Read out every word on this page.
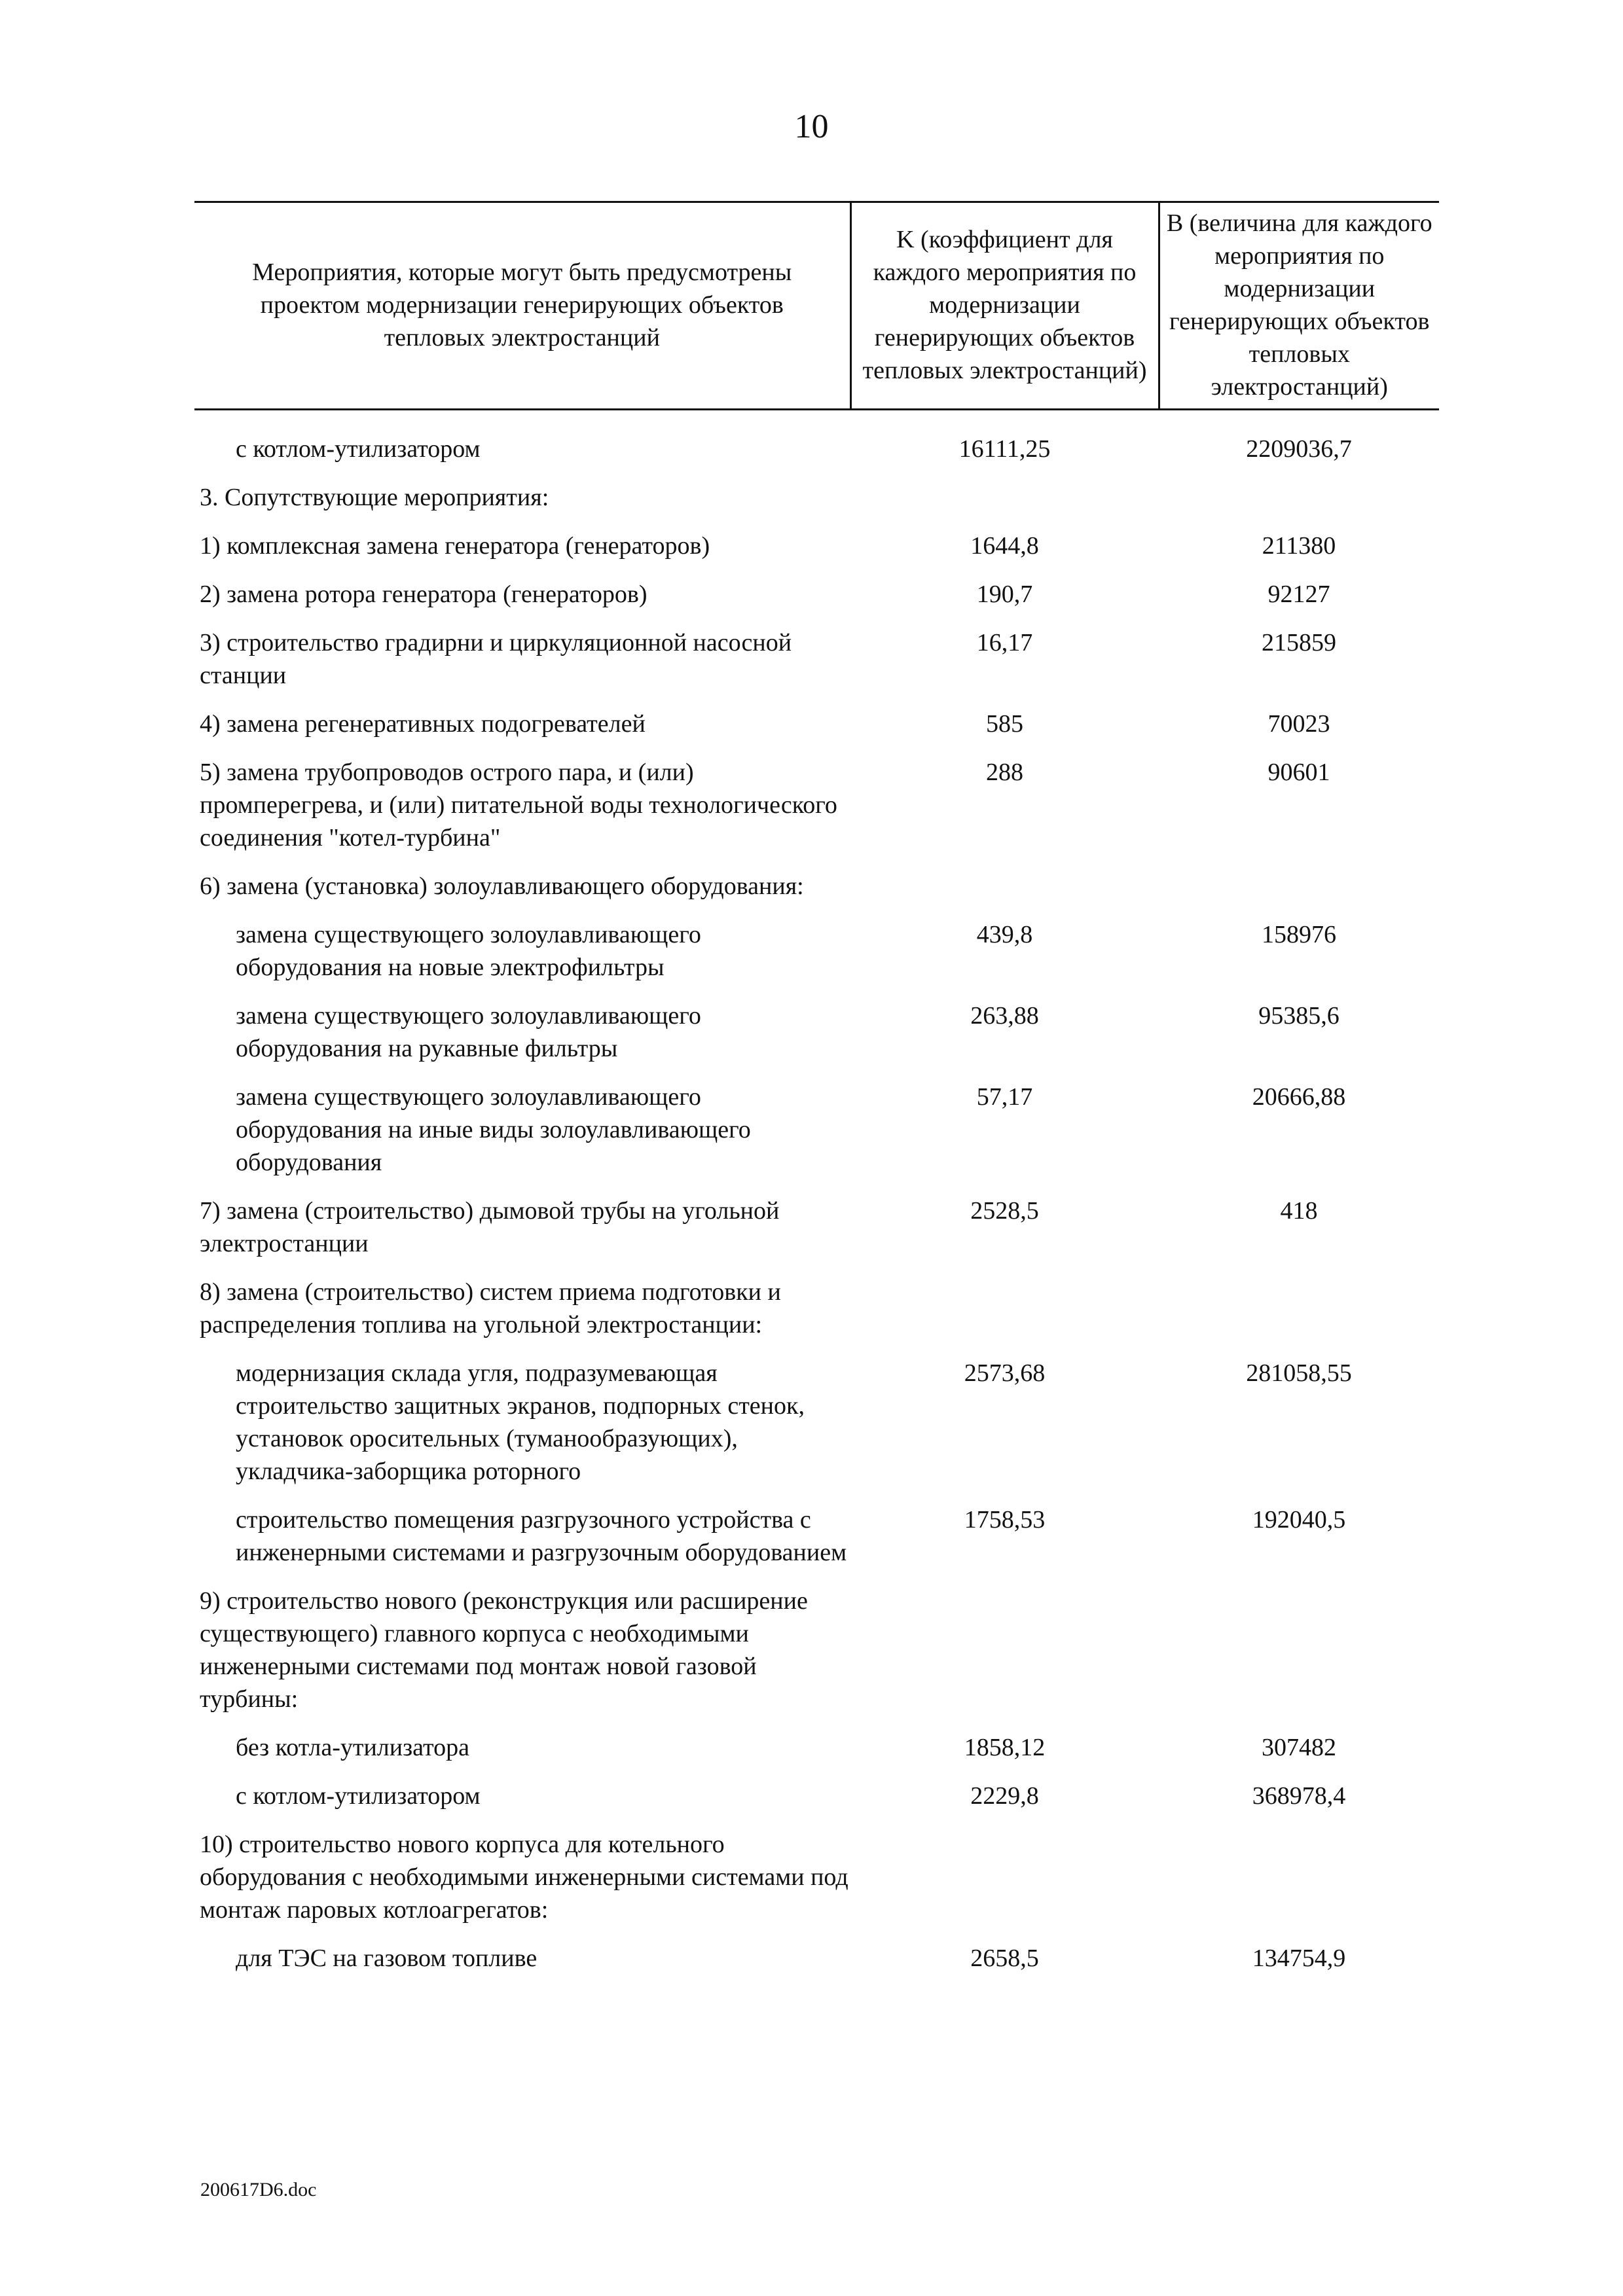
10
Мероприятия, которые могут быть предусмотрены проектом модернизации генерирующих объектов тепловых электростанций	K (коэффициент для каждого мероприятия по модернизации генерирующих объектов тепловых электростанций)	B (величина для каждого мероприятия по модернизации генерирующих объектов тепловых электростанций)

с котлом-утилизатором	16111,25	2209036,7
3. Сопутствующие мероприятия:		
1) комплексная замена генератора (генераторов)	1644,8	211380
2) замена ротора генератора (генераторов)	190,7	92127
3) строительство градирни и циркуляционной насосной станции	16,17	215859
4) замена регенеративных подогревателей	585	70023
5) замена трубопроводов острого пара, и (или) промперегрева, и (или) питательной воды технологического соединения "котел-турбина"	288	90601
6) замена (установка) золоулавливающего оборудования:		
замена существующего золоулавливающего оборудования на новые электрофильтры	439,8	158976
замена существующего золоулавливающего оборудования на рукавные фильтры	263,88	95385,6
замена существующего золоулавливающего оборудования на иные виды золоулавливающего оборудования	57,17	20666,88
7) замена (строительство) дымовой трубы на угольной электростанции	2528,5	418
8) замена (строительство) систем приема подготовки и распределения топлива на угольной электростанции:		
модернизация склада угля, подразумевающая строительство защитных экранов, подпорных стенок, установок оросительных (туманообразующих), укладчика-заборщика роторного	2573,68	281058,55
строительство помещения разгрузочного устройства с инженерными системами и разгрузочным оборудованием	1758,53	192040,5
9) строительство нового (реконструкция или расширение существующего) главного корпуса с необходимыми инженерными системами под монтаж новой газовой турбины:		
без котла-утилизатора	1858,12	307482
с котлом-утилизатором	2229,8	368978,4
10) строительство нового корпуса для котельного оборудования с необходимыми инженерными системами под монтаж паровых котлоагрегатов:		
для ТЭС на газовом топливе	2658,5	134754,9
200617D6.doc
